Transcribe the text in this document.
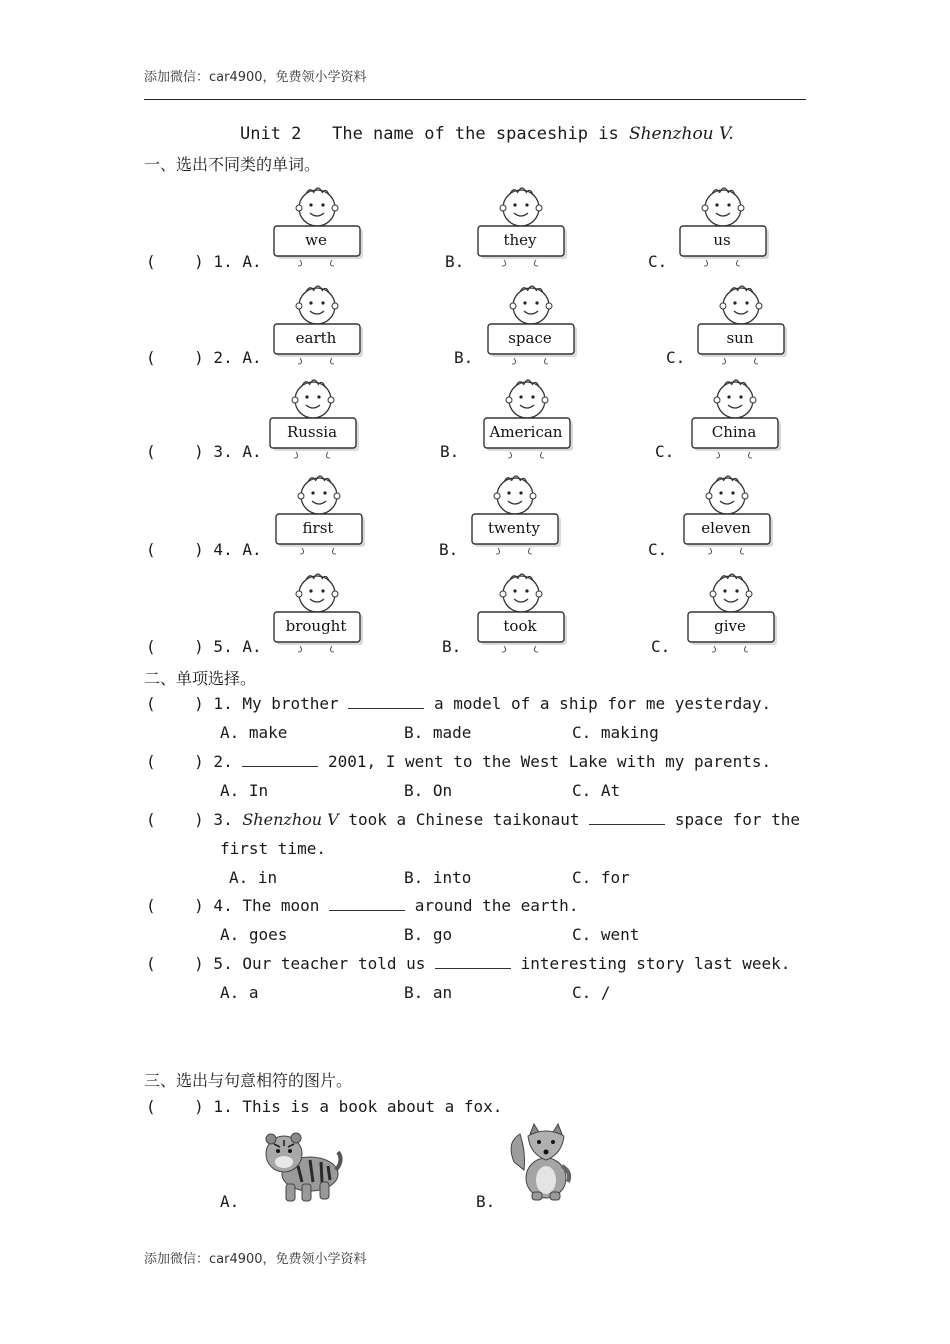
添加微信：car4900，免费领小学资料
Unit 2   The name of the spaceship is Shenzhou V.
一、选出不同类的单词。
(    ) 1. A.	B.	C.
we	they	us
(    ) 2. A.	B.	C.
earth	space	sun
(    ) 3. A.	B.	C.
Russia	American	China
(    ) 4. A.	B.	C.
first	twenty	eleven
(    ) 5. A.	B.	C.
brought	took	give
二、单项选择。
(    ) 1. My brother	a model of a ship for me yesterday.
A. make	B. made	C. making
(    ) 2.	2001, I went to the West Lake with my parents.
A. In	B. On	C. At
(    ) 3. Shenzhou V took a Chinese taikonaut	space for the
first time.
A. in	B. into	C. for
(    ) 4. The moon	around the earth.
A. goes	B. go	C. went
(    ) 5. Our teacher told us	interesting story last week.
A. a	B. an	C. /
三、选出与句意相符的图片。
(    ) 1. This is a book about a fox.
A.	B.
添加微信：car4900，免费领小学资料
